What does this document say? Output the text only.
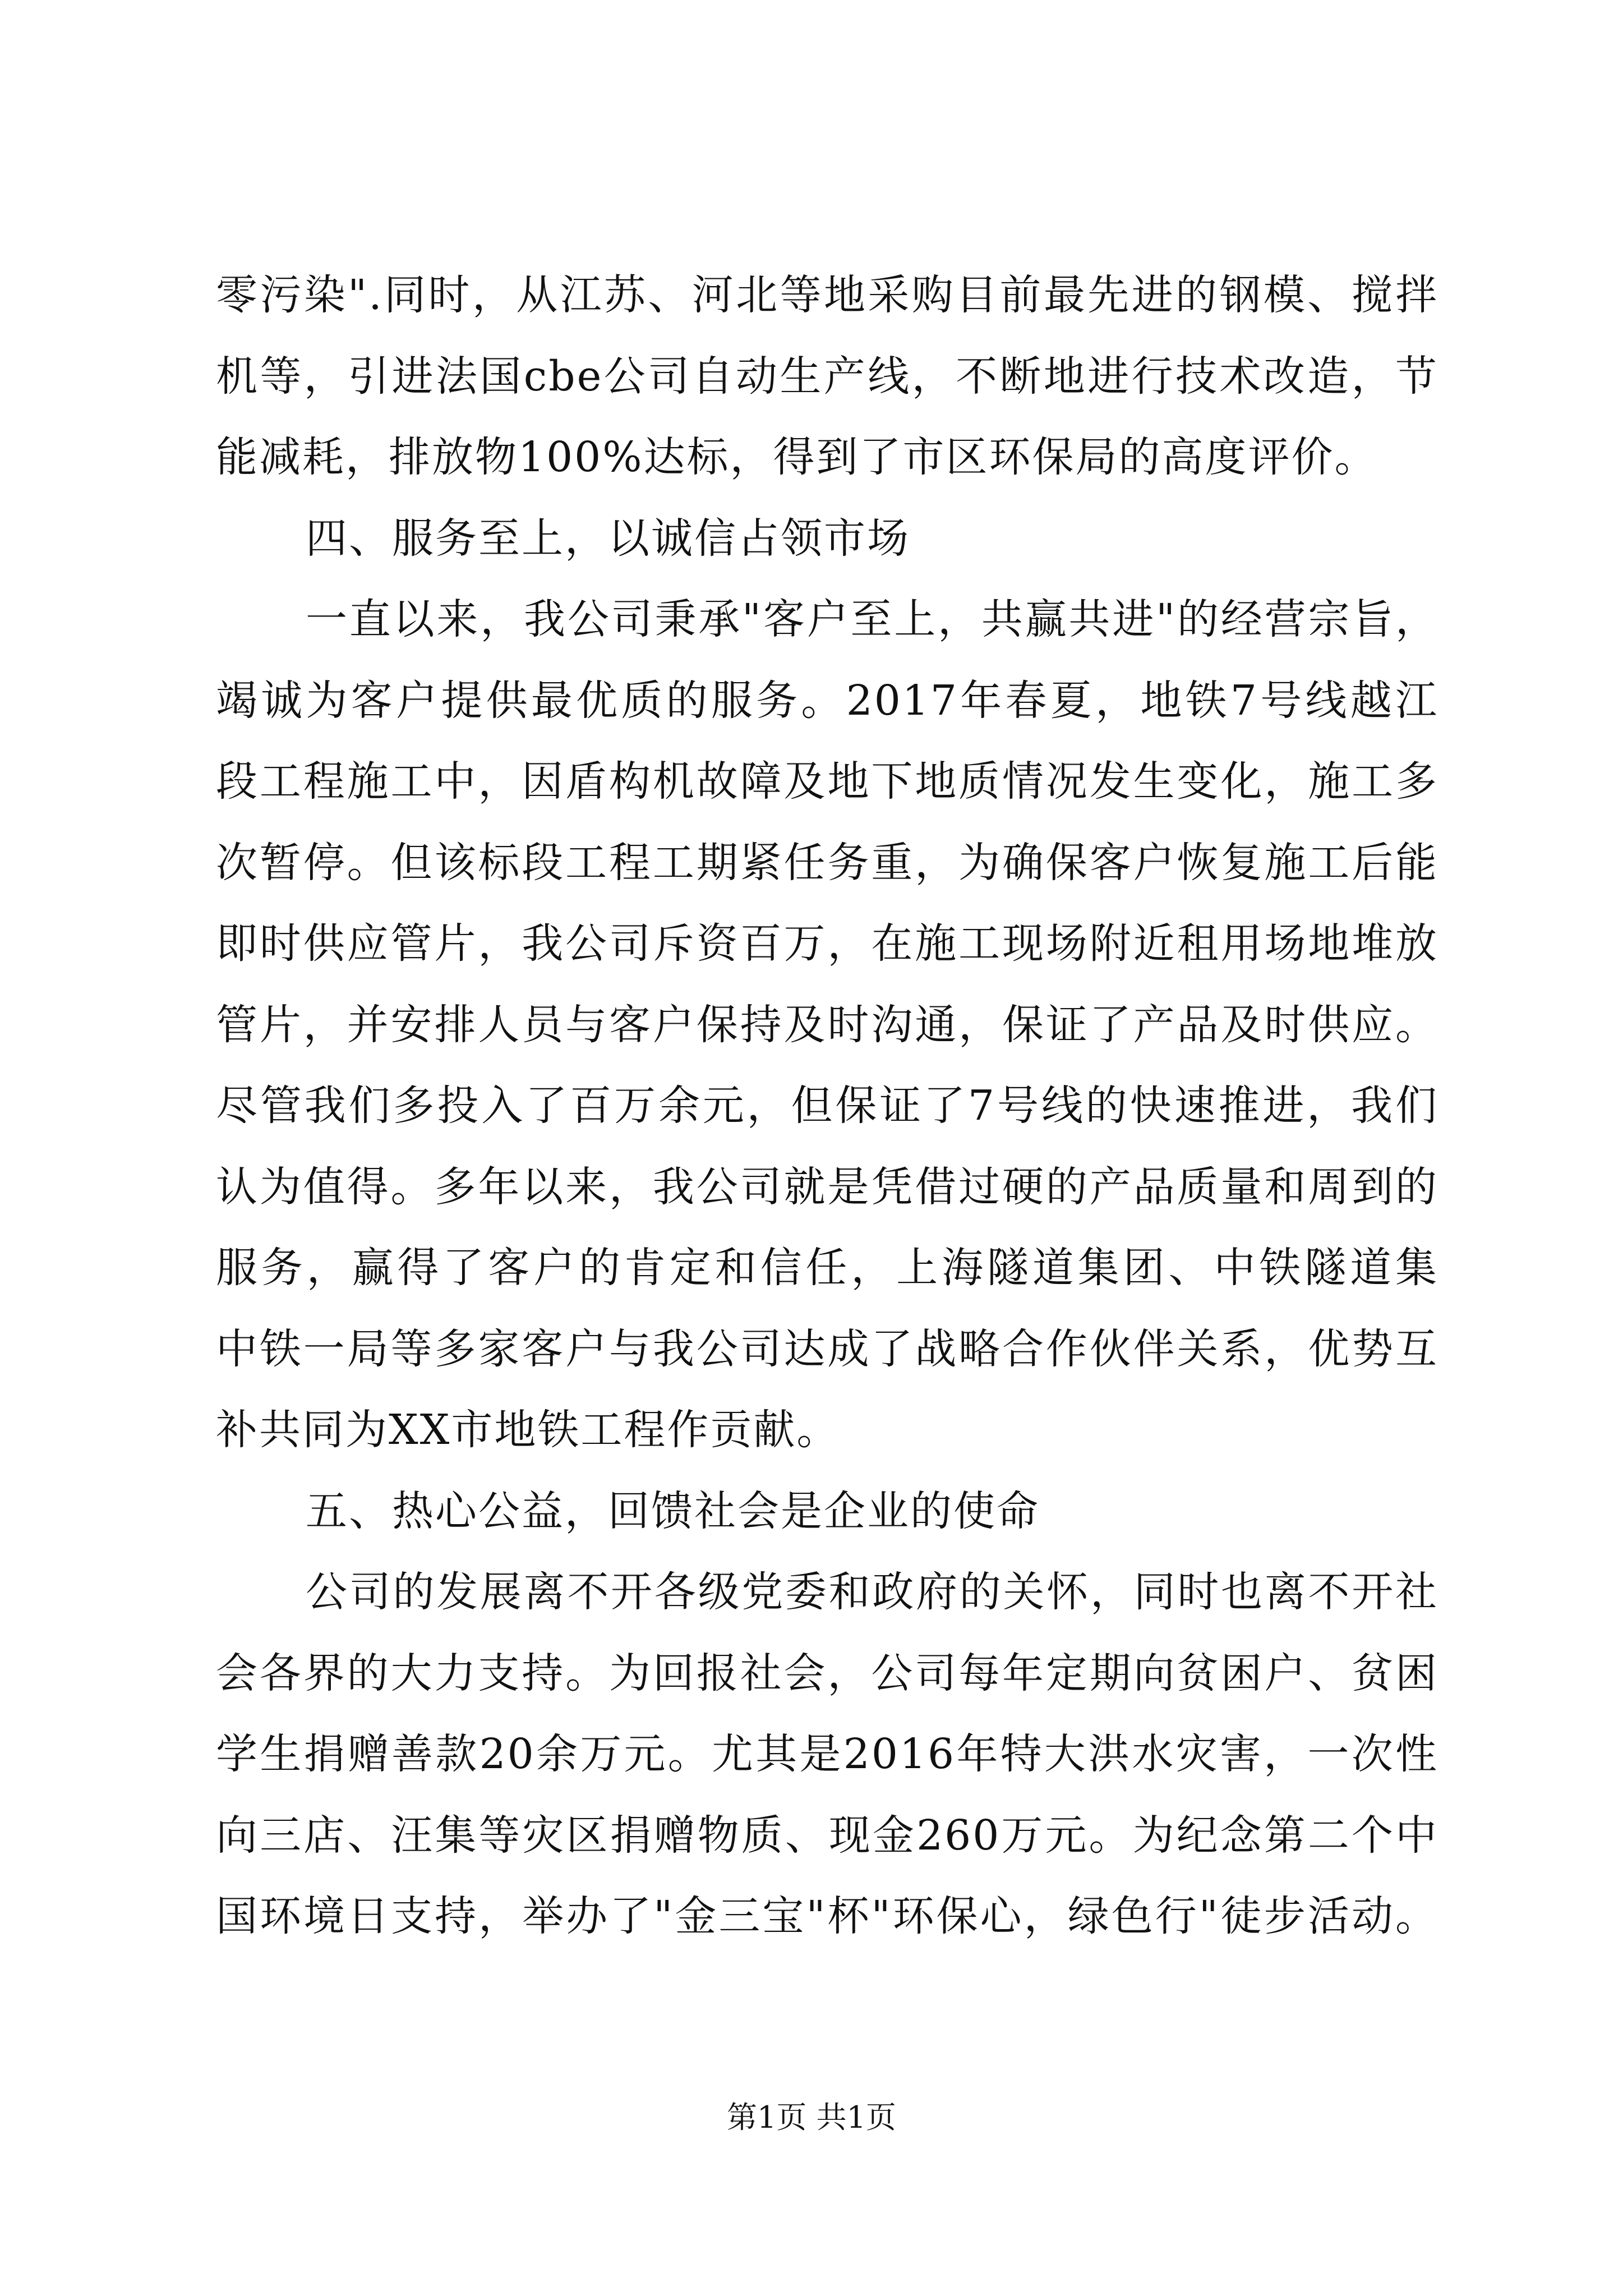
零污染".同时，从江苏、河北等地采购目前最先进的钢模、搅拌
机等，引进法国cbe公司自动生产线，不断地进行技术改造，节
能减耗，排放物100%达标，得到了市区环保局的高度评价。
四、服务至上，以诚信占领市场
一直以来，我公司秉承"客户至上，共赢共进"的经营宗旨，
竭诚为客户提供最优质的服务。2017年春夏，地铁7号线越江
段工程施工中，因盾构机故障及地下地质情况发生变化，施工多
次暂停。但该标段工程工期紧任务重，为确保客户恢复施工后能
即时供应管片，我公司斥资百万，在施工现场附近租用场地堆放
管片，并安排人员与客户保持及时沟通，保证了产品及时供应。
尽管我们多投入了百万余元，但保证了7号线的快速推进，我们
认为值得。多年以来，我公司就是凭借过硬的产品质量和周到的
服务，赢得了客户的肯定和信任，上海隧道集团、中铁隧道集
中铁一局等多家客户与我公司达成了战略合作伙伴关系，优势互
补共同为XX市地铁工程作贡献。
五、热心公益，回馈社会是企业的使命
公司的发展离不开各级党委和政府的关怀，同时也离不开社
会各界的大力支持。为回报社会，公司每年定期向贫困户、贫困
学生捐赠善款20余万元。尤其是2016年特大洪水灾害，一次性
向三店、汪集等灾区捐赠物质、现金260万元。为纪念第二个中
国环境日支持，举办了"金三宝"杯"环保心，绿色行"徒步活动。
第1页 共1页
